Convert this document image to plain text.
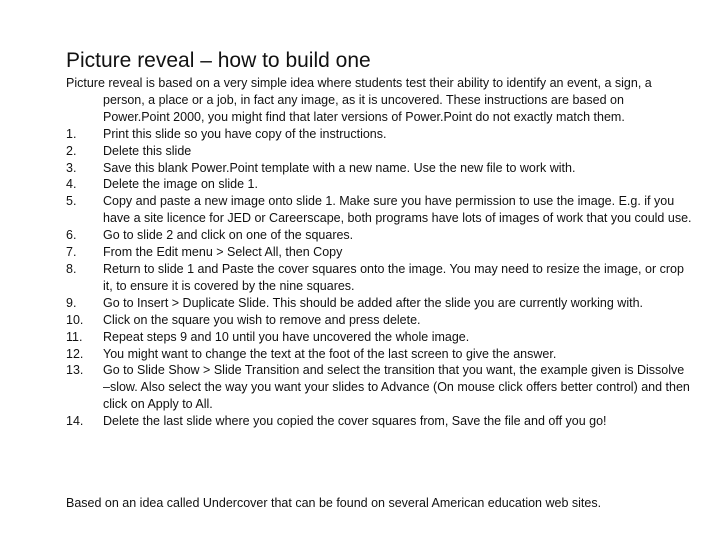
Picture reveal – how to build one
Picture reveal is based on a very simple idea where students test their ability to identify an event, a sign, a person, a place or a job, in fact any image, as it is uncovered. These instructions are based on Power.Point 2000, you might find that later versions of Power.Point do not exactly match them.
1.	Print this slide so you have copy of the instructions.
2.	Delete this slide
3.	Save this blank Power.Point template with a new name. Use the new file to work with.
4.	Delete the image on slide 1.
5.	Copy and paste a new image onto slide 1. Make sure you have permission to use the image. E.g. if you have a site licence for JED or Careerscape, both programs have lots of images of work that you could use.
6.	Go to slide 2 and click on one of the squares.
7.	From the Edit menu > Select All, then Copy
8.	Return to slide 1 and Paste the cover squares onto the image. You may need to resize the image, or crop it, to ensure it is covered by the nine squares.
9.	Go to Insert > Duplicate Slide. This should be added after the slide you are currently working with.
10.	Click on the square you wish to remove and press delete.
11.	Repeat steps 9 and 10 until you have uncovered the whole image.
12.	You might want to change the text at the foot of the last screen to give the answer.
13.	Go to Slide Show > Slide Transition and select the transition that you want, the example given is Dissolve –slow. Also select the way you want your slides to Advance (On mouse click offers better control) and then click on Apply to All.
14.	Delete the last slide where you copied the cover squares from, Save the file and off you go!
Based on an idea called Undercover that can be found on several American education web sites.
